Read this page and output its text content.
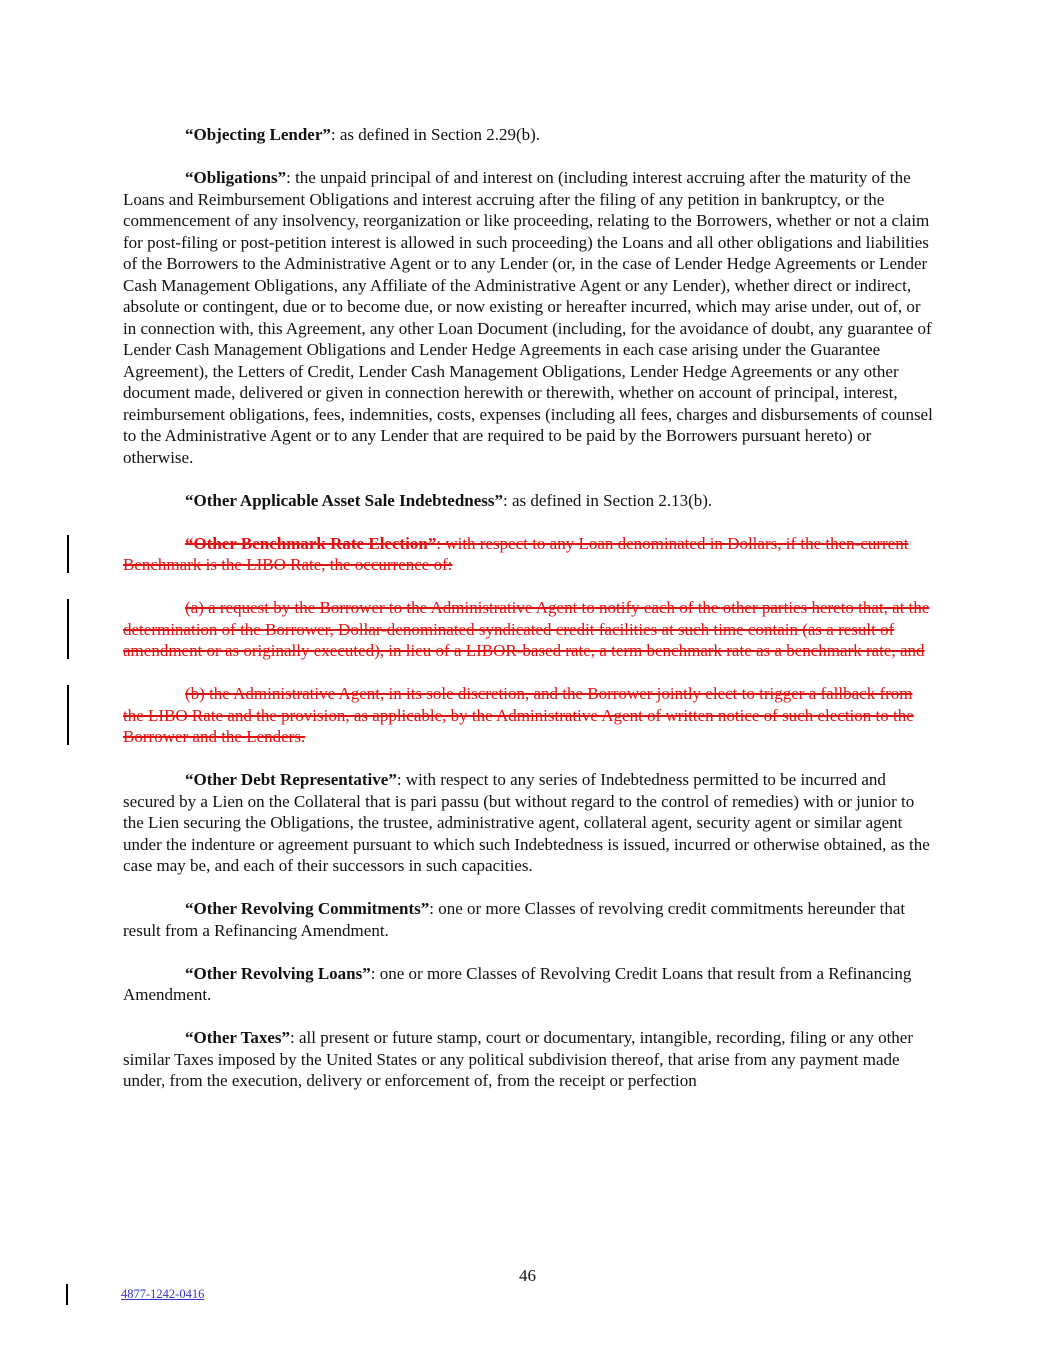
“Objecting Lender”: as defined in Section 2.29(b).
“Obligations”: the unpaid principal of and interest on (including interest accruing after the maturity of the Loans and Reimbursement Obligations and interest accruing after the filing of any petition in bankruptcy, or the commencement of any insolvency, reorganization or like proceeding, relating to the Borrowers, whether or not a claim for post-filing or post-petition interest is allowed in such proceeding) the Loans and all other obligations and liabilities of the Borrowers to the Administrative Agent or to any Lender (or, in the case of Lender Hedge Agreements or Lender Cash Management Obligations, any Affiliate of the Administrative Agent or any Lender), whether direct or indirect, absolute or contingent, due or to become due, or now existing or hereafter incurred, which may arise under, out of, or in connection with, this Agreement, any other Loan Document (including, for the avoidance of doubt, any guarantee of Lender Cash Management Obligations and Lender Hedge Agreements in each case arising under the Guarantee Agreement), the Letters of Credit, Lender Cash Management Obligations, Lender Hedge Agreements or any other document made, delivered or given in connection herewith or therewith, whether on account of principal, interest, reimbursement obligations, fees, indemnities, costs, expenses (including all fees, charges and disbursements of counsel to the Administrative Agent or to any Lender that are required to be paid by the Borrowers pursuant hereto) or otherwise.
“Other Applicable Asset Sale Indebtedness”: as defined in Section 2.13(b).
“Other Benchmark Rate Election”: with respect to any Loan denominated in Dollars, if the then-current Benchmark is the LIBO Rate, the occurrence of:
(a) a request by the Borrower to the Administrative Agent to notify each of the other parties hereto that, at the determination of the Borrower, Dollar-denominated syndicated credit facilities at such time contain (as a result of amendment or as originally executed), in lieu of a LIBOR-based rate, a term benchmark rate as a benchmark rate, and
(b) the Administrative Agent, in its sole discretion, and the Borrower jointly elect to trigger a fallback from the LIBO Rate and the provision, as applicable, by the Administrative Agent of written notice of such election to the Borrower and the Lenders.
“Other Debt Representative”: with respect to any series of Indebtedness permitted to be incurred and secured by a Lien on the Collateral that is pari passu (but without regard to the control of remedies) with or junior to the Lien securing the Obligations, the trustee, administrative agent, collateral agent, security agent or similar agent under the indenture or agreement pursuant to which such Indebtedness is issued, incurred or otherwise obtained, as the case may be, and each of their successors in such capacities.
“Other Revolving Commitments”: one or more Classes of revolving credit commitments hereunder that result from a Refinancing Amendment.
“Other Revolving Loans”: one or more Classes of Revolving Credit Loans that result from a Refinancing Amendment.
“Other Taxes”: all present or future stamp, court or documentary, intangible, recording, filing or any other similar Taxes imposed by the United States or any political subdivision thereof, that arise from any payment made under, from the execution, delivery or enforcement of, from the receipt or perfection
46
4877-1242-0416
